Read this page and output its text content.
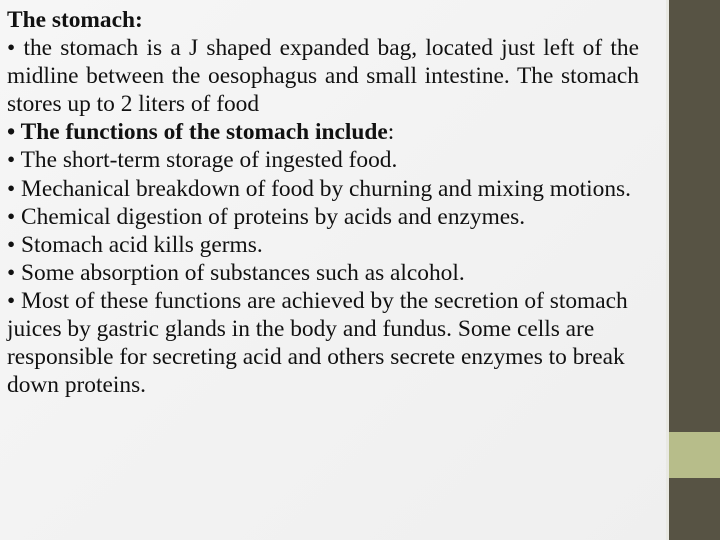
The stomach:

• the stomach is a J shaped expanded bag, located just left of the midline between the oesophagus and small intestine. The stomach stores up to 2 liters of food

• The functions of the stomach include:

• The short-term storage of ingested food.

• Mechanical breakdown of food by churning and mixing motions.

• Chemical digestion of proteins by acids and enzymes.

• Stomach acid kills germs.

• Some absorption of substances such as alcohol.

• Most of these functions are achieved by the secretion of stomach juices by gastric glands in the body and fundus. Some cells are responsible for secreting acid and others secrete enzymes to break down proteins.
